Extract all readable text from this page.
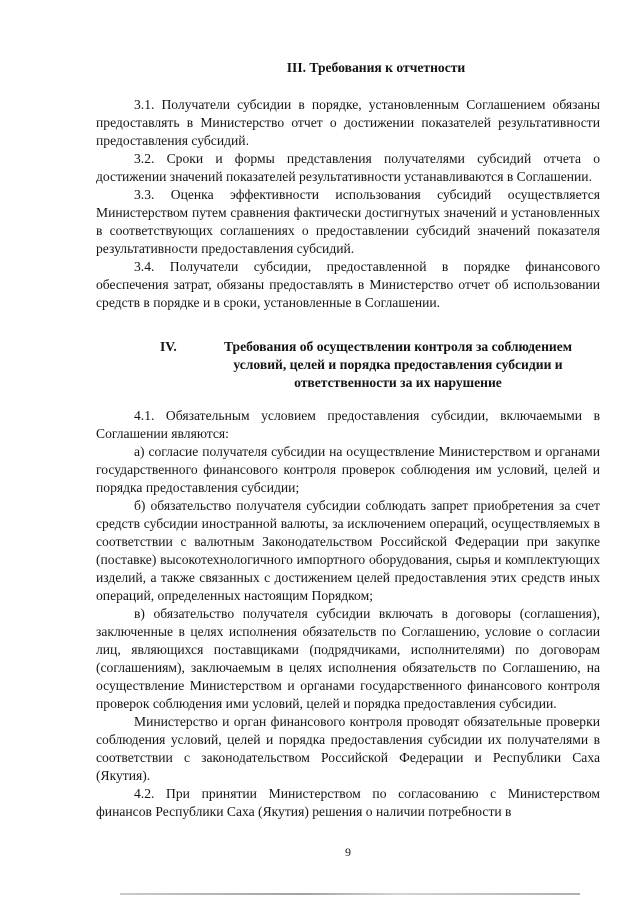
III. Требования к отчетности

3.1. Получатели субсидии в порядке, установленным Соглашением обязаны предоставлять в Министерство отчет о достижении показателей результативности предоставления субсидий.

3.2. Сроки и формы представления получателями субсидий отчета о достижении значений показателей результативности устанавливаются в Соглашении.

3.3. Оценка эффективности использования субсидий осуществляется Министерством путем сравнения фактически достигнутых значений и установленных в соответствующих соглашениях о предоставлении субсидий значений показателя результативности предоставления субсидий.

3.4. Получатели субсидии, предоставленной в порядке финансового обеспечения затрат, обязаны предоставлять в Министерство отчет об использовании средств в порядке и в сроки, установленные в Соглашении.

IV.	Требования об осуществлении контроля за соблюдением
условий, целей и порядка предоставления субсидии и
ответственности за их нарушение

4.1. Обязательным условием предоставления субсидии, включаемыми в Соглашении являются:

а) согласие получателя субсидии на осуществление Министерством и органами государственного финансового контроля проверок соблюдения им условий, целей и порядка предоставления субсидии;

б) обязательство получателя субсидии соблюдать запрет приобретения за счет средств субсидии иностранной валюты, за исключением операций, осуществляемых в соответствии с валютным Законодательством Российской Федерации при закупке (поставке) высокотехнологичного импортного оборудования, сырья и комплектующих изделий, а также связанных с достижением целей предоставления этих средств иных операций, определенных настоящим Порядком;

в) обязательство получателя субсидии включать в договоры (соглашения), заключенные в целях исполнения обязательств по Соглашению, условие о согласии лиц, являющихся поставщиками (подрядчиками, исполнителями) по договорам (соглашениям), заключаемым в целях исполнения обязательств по Соглашению, на осуществление Министерством и органами государственного финансового контроля проверок соблюдения ими условий, целей и порядка предоставления субсидии.

Министерство и орган финансового контроля проводят обязательные проверки соблюдения условий, целей и порядка предоставления субсидии их получателями в соответствии с законодательством Российской Федерации и Республики Саха (Якутия).

4.2. При принятии Министерством по согласованию с Министерством финансов Республики Саха (Якутия) решения о наличии потребности в

9
